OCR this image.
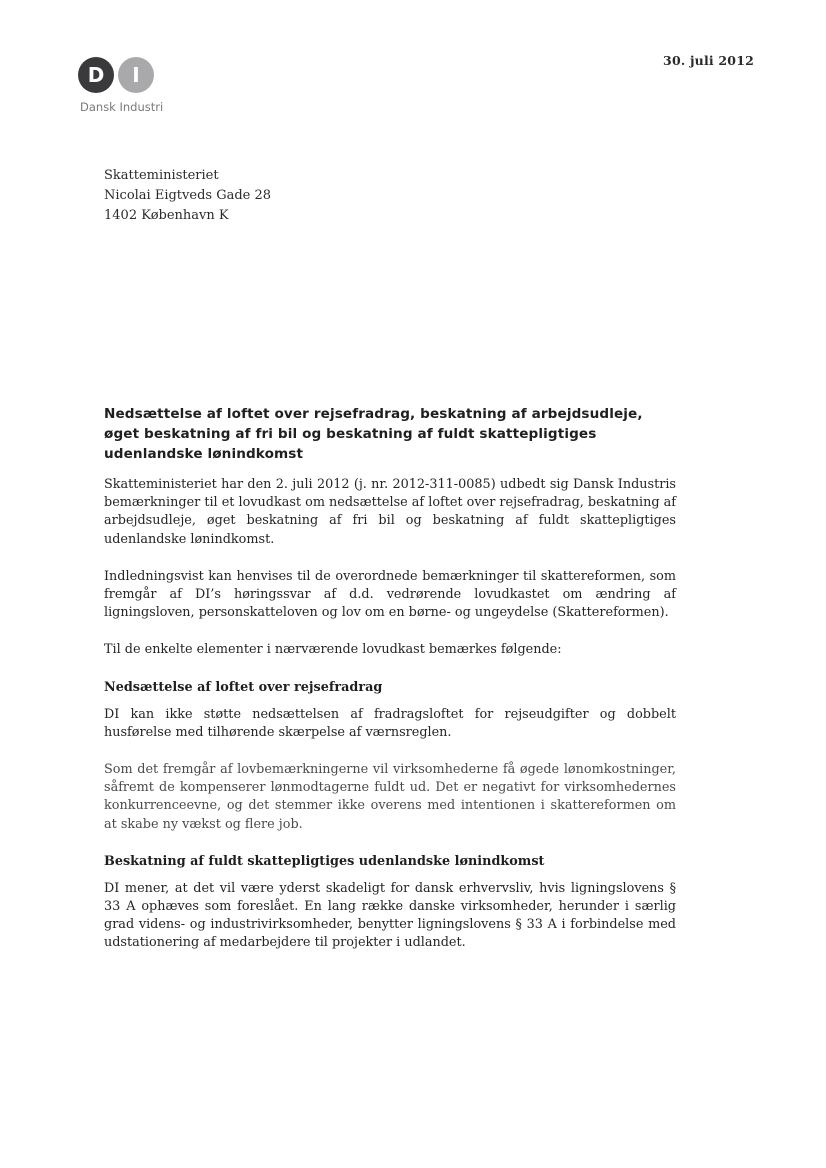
D	I
Dansk Industri
30. juli 2012
Skatteministeriet
Nicolai Eigtveds Gade 28
1402 København K
Nedsættelse af loftet over rejsefradrag, beskatning af arbejdsudleje, øget beskatning af fri bil og beskatning af fuldt skattepligtiges udenlandske lønindkomst

Skatteministeriet har den 2. juli 2012 (j. nr. 2012-311-0085) udbedt sig Dansk Industris bemærkninger til et lovudkast om nedsættelse af loftet over rejsefradrag, beskatning af arbejdsudleje, øget beskatning af fri bil og beskatning af fuldt skattepligtiges udenlandske lønindkomst.

Indledningsvist kan henvises til de overordnede bemærkninger til skattereformen, som fremgår af DI’s høringssvar af d.d. vedrørende lovudkastet om ændring af ligningsloven, personskatteloven og lov om en børne- og ungeydelse (Skattereformen).

Til de enkelte elementer i nærværende lovudkast bemærkes følgende:

Nedsættelse af loftet over rejsefradrag

DI kan ikke støtte nedsættelsen af fradragsloftet for rejseudgifter og dobbelt husførelse med tilhørende skærpelse af værnsreglen.

Som det fremgår af lovbemærkningerne vil virksomhederne få øgede lønomkostninger, såfremt de kompenserer lønmodtagerne fuldt ud. Det er negativt for virksomhedernes konkurrenceevne, og det stemmer ikke overens med intentionen i skattereformen om at skabe ny vækst og flere job.

Beskatning af fuldt skattepligtiges udenlandske lønindkomst

DI mener, at det vil være yderst skadeligt for dansk erhvervsliv, hvis ligningslovens § 33 A ophæves som foreslået. En lang række danske virksomheder, herunder i særlig grad videns- og industrivirksomheder, benytter ligningslovens § 33 A i forbindelse med udstationering af medarbejdere til projekter i udlandet.
